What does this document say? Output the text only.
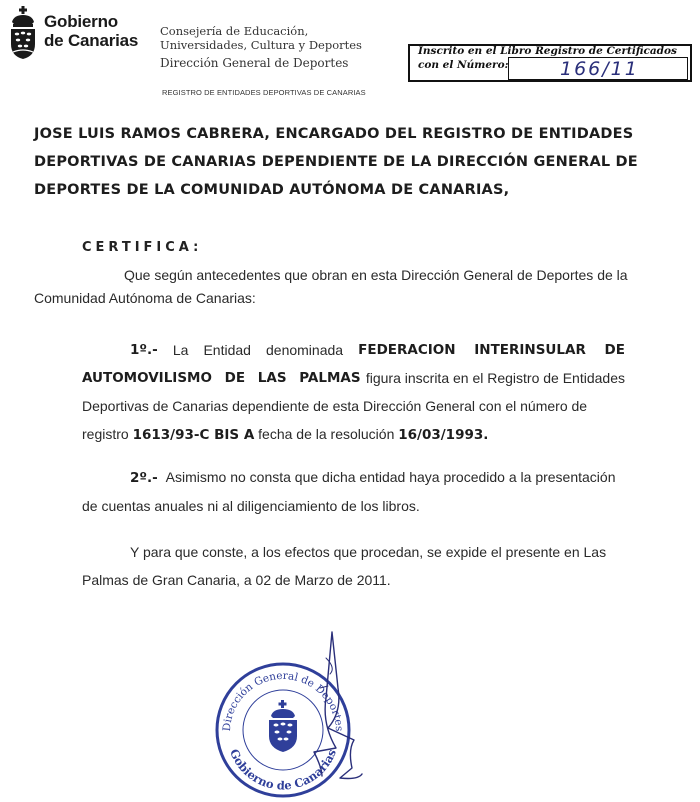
Gobierno
de Canarias Consejería de Educación,
Universidades, Cultura y Deportes
Dirección General de Deportes
REGISTRO DE ENTIDADES DEPORTIVAS DE CANARIAS
Inscrito en el Libro Registro de Certificados
con el Número:	166/11
JOSE LUIS RAMOS CABRERA, ENCARGADO DEL REGISTRO DE ENTIDADES
DEPORTIVAS DE CANARIAS DEPENDIENTE DE LA DIRECCIÓN GENERAL DE
DEPORTES DE LA COMUNIDAD AUTÓNOMA DE CANARIAS,
CERTIFICA:
Que según antecedentes que obran en esta Dirección General de Deportes de la
Comunidad Autónoma de Canarias:
1º.- La Entidad denominada FEDERACION INTERINSULAR DE
AUTOMOVILISMO DE LAS PALMAS figura inscrita en el Registro de Entidades
Deportivas de Canarias dependiente de esta Dirección General con el número de
registro 1613/93-C BIS A fecha de la resolución 16/03/1993.
2º.- Asimismo no consta que dicha entidad haya procedido a la presentación
de cuentas anuales ni al diligenciamiento de los libros.
Y para que conste, a los efectos que procedan, se expide el presente en Las
Palmas de Gran Canaria, a 02 de Marzo de 2011.
Dirección General de Deportes
Gobierno de Canarias
